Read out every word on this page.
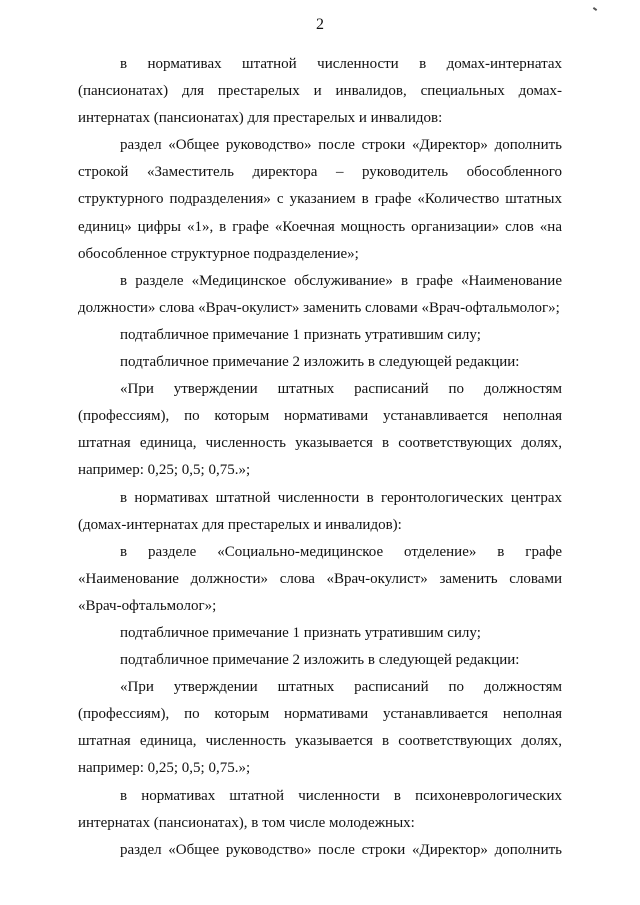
2

в нормативах штатной численности в домах-интернатах (пансионатах) для престарелых и инвалидов, специальных домах-интернатах (пансионатах) для престарелых и инвалидов:

раздел «Общее руководство» после строки «Директор» дополнить строкой «Заместитель директора – руководитель обособленного структурного подразделения» с указанием в графе «Количество штатных единиц» цифры «1», в графе «Коечная мощность организации» слов «на обособленное структурное подразделение»;

в разделе «Медицинское обслуживание» в графе «Наименование должности» слова «Врач-окулист» заменить словами «Врач-офтальмолог»;

подтабличное примечание 1 признать утратившим силу;

подтабличное примечание 2 изложить в следующей редакции:

«При утверждении штатных расписаний по должностям (профессиям), по которым нормативами устанавливается неполная штатная единица, численность указывается в соответствующих долях, например: 0,25; 0,5; 0,75.»;

в нормативах штатной численности в геронтологических центрах (домах-интернатах для престарелых и инвалидов):

в разделе «Социально-медицинское отделение» в графе «Наименование должности» слова «Врач-окулист» заменить словами «Врач-офтальмолог»;

подтабличное примечание 1 признать утратившим силу;

подтабличное примечание 2 изложить в следующей редакции:

«При утверждении штатных расписаний по должностям (профессиям), по которым нормативами устанавливается неполная штатная единица, численность указывается в соответствующих долях, например: 0,25; 0,5; 0,75.»;

в нормативах штатной численности в психоневрологических интернатах (пансионатах), в том числе молодежных:

раздел «Общее руководство» после строки «Директор» дополнить
